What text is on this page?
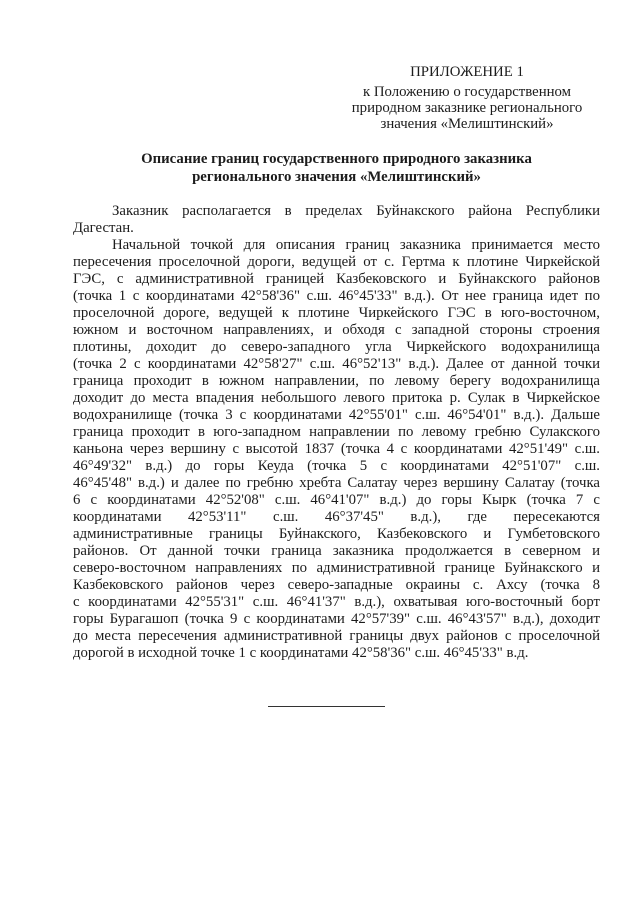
ПРИЛОЖЕНИЕ 1
к Положению о государственном
природном заказнике регионального
значения «Мелиштинский»
Описание границ государственного природного заказника
регионального значения «Мелиштинский»
Заказник располагается в пределах Буйнакского района Республики
Дагестан.
Начальной точкой для описания границ заказника принимается место
пересечения проселочной дороги, ведущей от с. Гертма к плотине Чиркейской
ГЭС, с административной границей Казбековского и Буйнакского районов
(точка 1 с координатами 42°58'36" с.ш. 46°45'33" в.д.). От нее граница идет по
проселочной дороге, ведущей к плотине Чиркейского ГЭС в юго-восточном,
южном и восточном направлениях, и обходя с западной стороны строения
плотины, доходит до северо-западного угла Чиркейского водохранилища
(точка 2 с координатами 42°58'27" с.ш. 46°52'13" в.д.). Далее от данной точки
граница проходит в южном направлении, по левому берегу водохранилища
доходит до места впадения небольшого левого притока р. Сулак в Чиркейское
водохранилище (точка 3 с координатами 42°55'01" с.ш. 46°54'01" в.д.). Дальше
граница проходит в юго-западном направлении по левому гребню Сулакского
каньона через вершину с высотой 1837 (точка 4 с координатами 42°51'49" с.ш.
46°49'32" в.д.) до горы Кеуда (точка 5 с координатами 42°51'07" с.ш.
46°45'48" в.д.) и далее по гребню хребта Салатау через вершину Салатау (точка
6 с координатами 42°52'08" с.ш. 46°41'07" в.д.) до горы Кырк (точка 7 с
координатами 42°53'11" с.ш. 46°37'45" в.д.), где пересекаются
административные границы Буйнакского, Казбековского и Гумбетовского
районов. От данной точки граница заказника продолжается в северном и
северо-восточном направлениях по административной границе Буйнакского и
Казбековского районов через северо-западные окраины с. Ахсу (точка 8
с координатами 42°55'31" с.ш. 46°41'37" в.д.), охватывая юго-восточный борт
горы Бурагашоп (точка 9 с координатами 42°57'39" с.ш. 46°43'57" в.д.), доходит
до места пересечения административной границы двух районов с проселочной
дорогой в исходной точке 1 с координатами 42°58'36" с.ш. 46°45'33" в.д.
